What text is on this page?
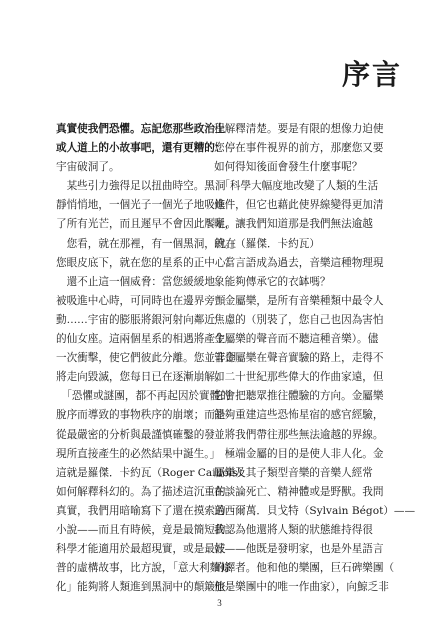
序言
真實使我們恐懼。忘記您那些政治上
或人道上的小故事吧，還有更糟的：
宇宙破洞了。
　某些引力強得足以扭曲時空。黑洞
靜悄悄地，一個光子一個光子地吸進
了所有光芒，而且遲早不會因此饜足。
　您看，就在那裡，有一個黑洞，就在
您眼皮底下，就在您的星系的正中心！
　還不止這一個威脅：當您緩緩地
被吸進中心時，可同時也在邊界旁顫
動……宇宙的膨脹將銀河射向鄰近
的仙女座。這兩個星系的相遇將產生
一次衝擊，使它們彼此分離。您並非即
將走向毀滅，您每日已在逐漸崩解。
　「恐懼或謎團，都不再起因於實體的
脫序而導致的事物秩序的崩壞；而是
從最嚴密的分析與最謹慎確鑿的發
現所直接產生的必然結果中誕生。」
這就是羅傑．卡約瓦（Roger Caillois）
如何解釋科幻的。為了描述這沉重的
真實，我們用暗喻寫下了還在摸索的
小說——而且有時候，竟是最簡短的
科學才能適用於最超現實，或是最波
普的虛構故事，比方說，「意大利麵條
化」能夠將人類進到黑洞中的顛簸旅
程解釋清楚。要是有限的想像力迫使
您停在事件視界的前方，那麼您又要
如何得知後面會發生什麼事呢？
　「科學大幅度地改變了人類的生活
條件，但它也藉此使界線變得更加清
晰，讓我們知道那是我們無法逾越
的。」（羅傑．卡約瓦）
　當言語成為過去，音樂這種物理現
象能夠傳承它的衣缽嗎？
　金屬樂，是所有音樂種類中最令人
焦慮的（別裝了，您自己也因為害怕
金屬樂的聲音而不聽這種音樂）。儘
管金屬樂在聲音實驗的路上，走得不
如二十世紀那些偉大的作曲家遠，但
它會把聽眾推往體驗的方向。金屬樂
能夠重建這些恐怖星宿的感官經驗，
並將我們帶往那些無法逾越的界線。
　極端金屬的目的是使人非人化。金
屬樂及其子類型音樂的音樂人經常
在談論死亡、精神體或是野獸。我問
過西爾萬．貝戈特（Sylvain Bégot）——
我認為他還將人類的狀態維持得很
好——他既是發明家，也是外星語言
的譯者。他和他的樂團，巨石碑樂團（
他是樂團中的唯一作曲家），向鯨乏非
3
